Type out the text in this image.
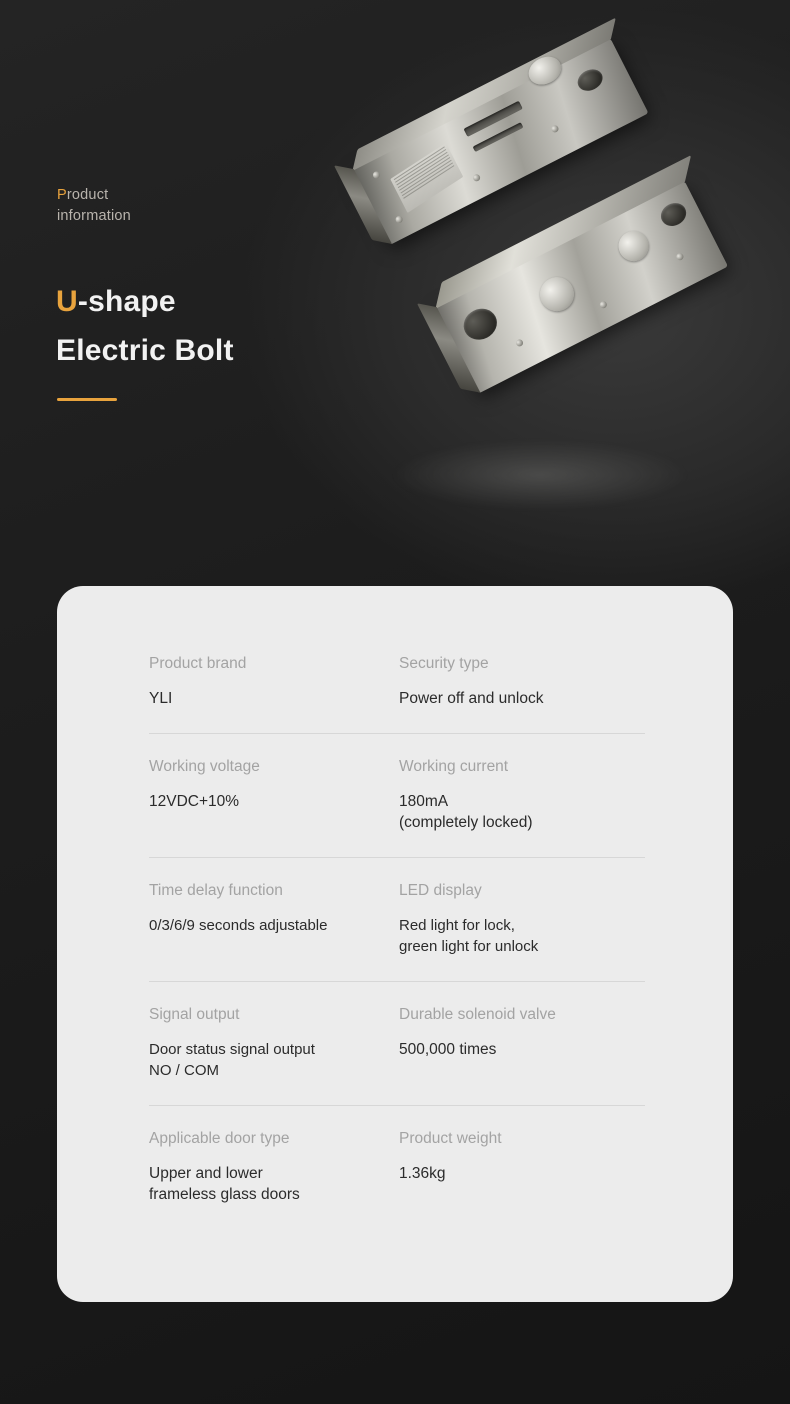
Product
information
U-shape
Electric Bolt
Product brand
YLI
Security type
Power off and unlock
Working voltage
12VDC+10%
Working current
180mA
(completely locked)
Time delay function
0/3/6/9 seconds adjustable
LED display
Red light for lock,
green light for unlock
Signal output
Door status signal output
NO / COM
Durable solenoid valve
500,000 times
Applicable door type
Upper and lower
frameless glass doors
Product weight
1.36kg
